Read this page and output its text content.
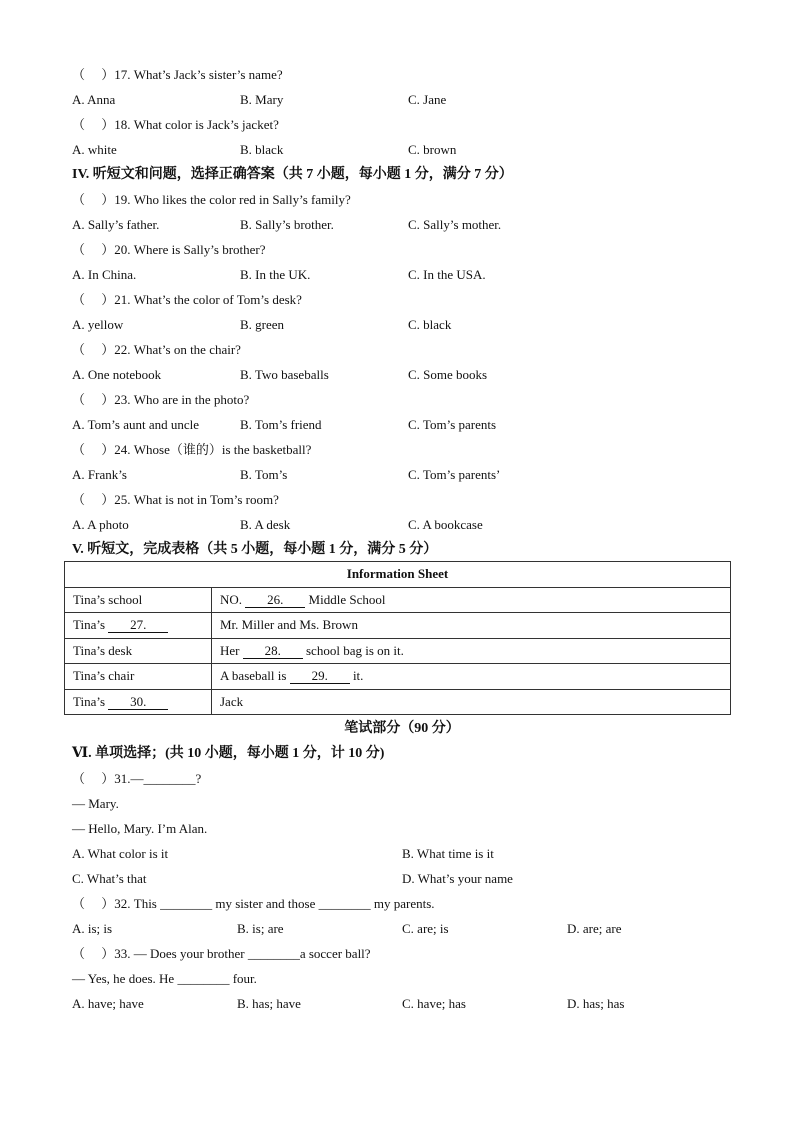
（　 ）17. What’s Jack’s sister’s name?
A. Anna	B. Mary	C. Jane
（　 ）18. What color is Jack’s jacket?
A. white	B. black	C. brown
IV. 听短文和问题，选择正确答案（共 7 小题，每小题 1 分，满分 7 分）
（　 ）19. Who likes the color red in Sally’s family?
A. Sally’s father.	B. Sally’s brother.	C. Sally’s mother.
（　 ）20. Where is Sally’s brother?
A. In China.	B. In the UK.	C. In the USA.
（　 ）21. What’s the color of Tom’s desk?
A. yellow	B. green	C. black
（　 ）22. What’s on the chair?
A. One notebook	B. Two baseballs	C. Some books
（　 ）23. Who are in the photo?
A. Tom’s aunt and uncle	B. Tom’s friend	C. Tom’s parents
（　 ）24. Whose（谁的）is the basketball?
A. Frank’s	B. Tom’s	C. Tom’s parents’
（　 ）25. What is not in Tom’s room?
A. A photo	B. A desk	C. A bookcase
V. 听短文，完成表格（共 5 小题，每小题 1 分，满分 5 分）
Information Sheet	
Tina’s school	NO. 26. Middle School
Tina’s 27.	Mr. Miller and Ms. Brown
Tina’s desk	Her 28. school bag is on it.
Tina’s chair	A baseball is 29. it.
Tina’s 30.	Jack
笔试部分（90 分）
Ⅵ. 单项选择；(共 10 小题，每小题 1 分，计 10 分)
（　 ）31.—________?
— Mary.
— Hello, Mary. I’m Alan.
A. What color is it	B. What time is it
C. What’s that	D. What’s your name
（　 ）32. This ________ my sister and those ________ my parents.
A. is; is	B. is; are	C. are; is	D. are; are
（　 ）33. — Does your brother ________a soccer ball?
— Yes, he does. He ________ four.
A. have; have	B. has; have	C. have; has	D. has; has
